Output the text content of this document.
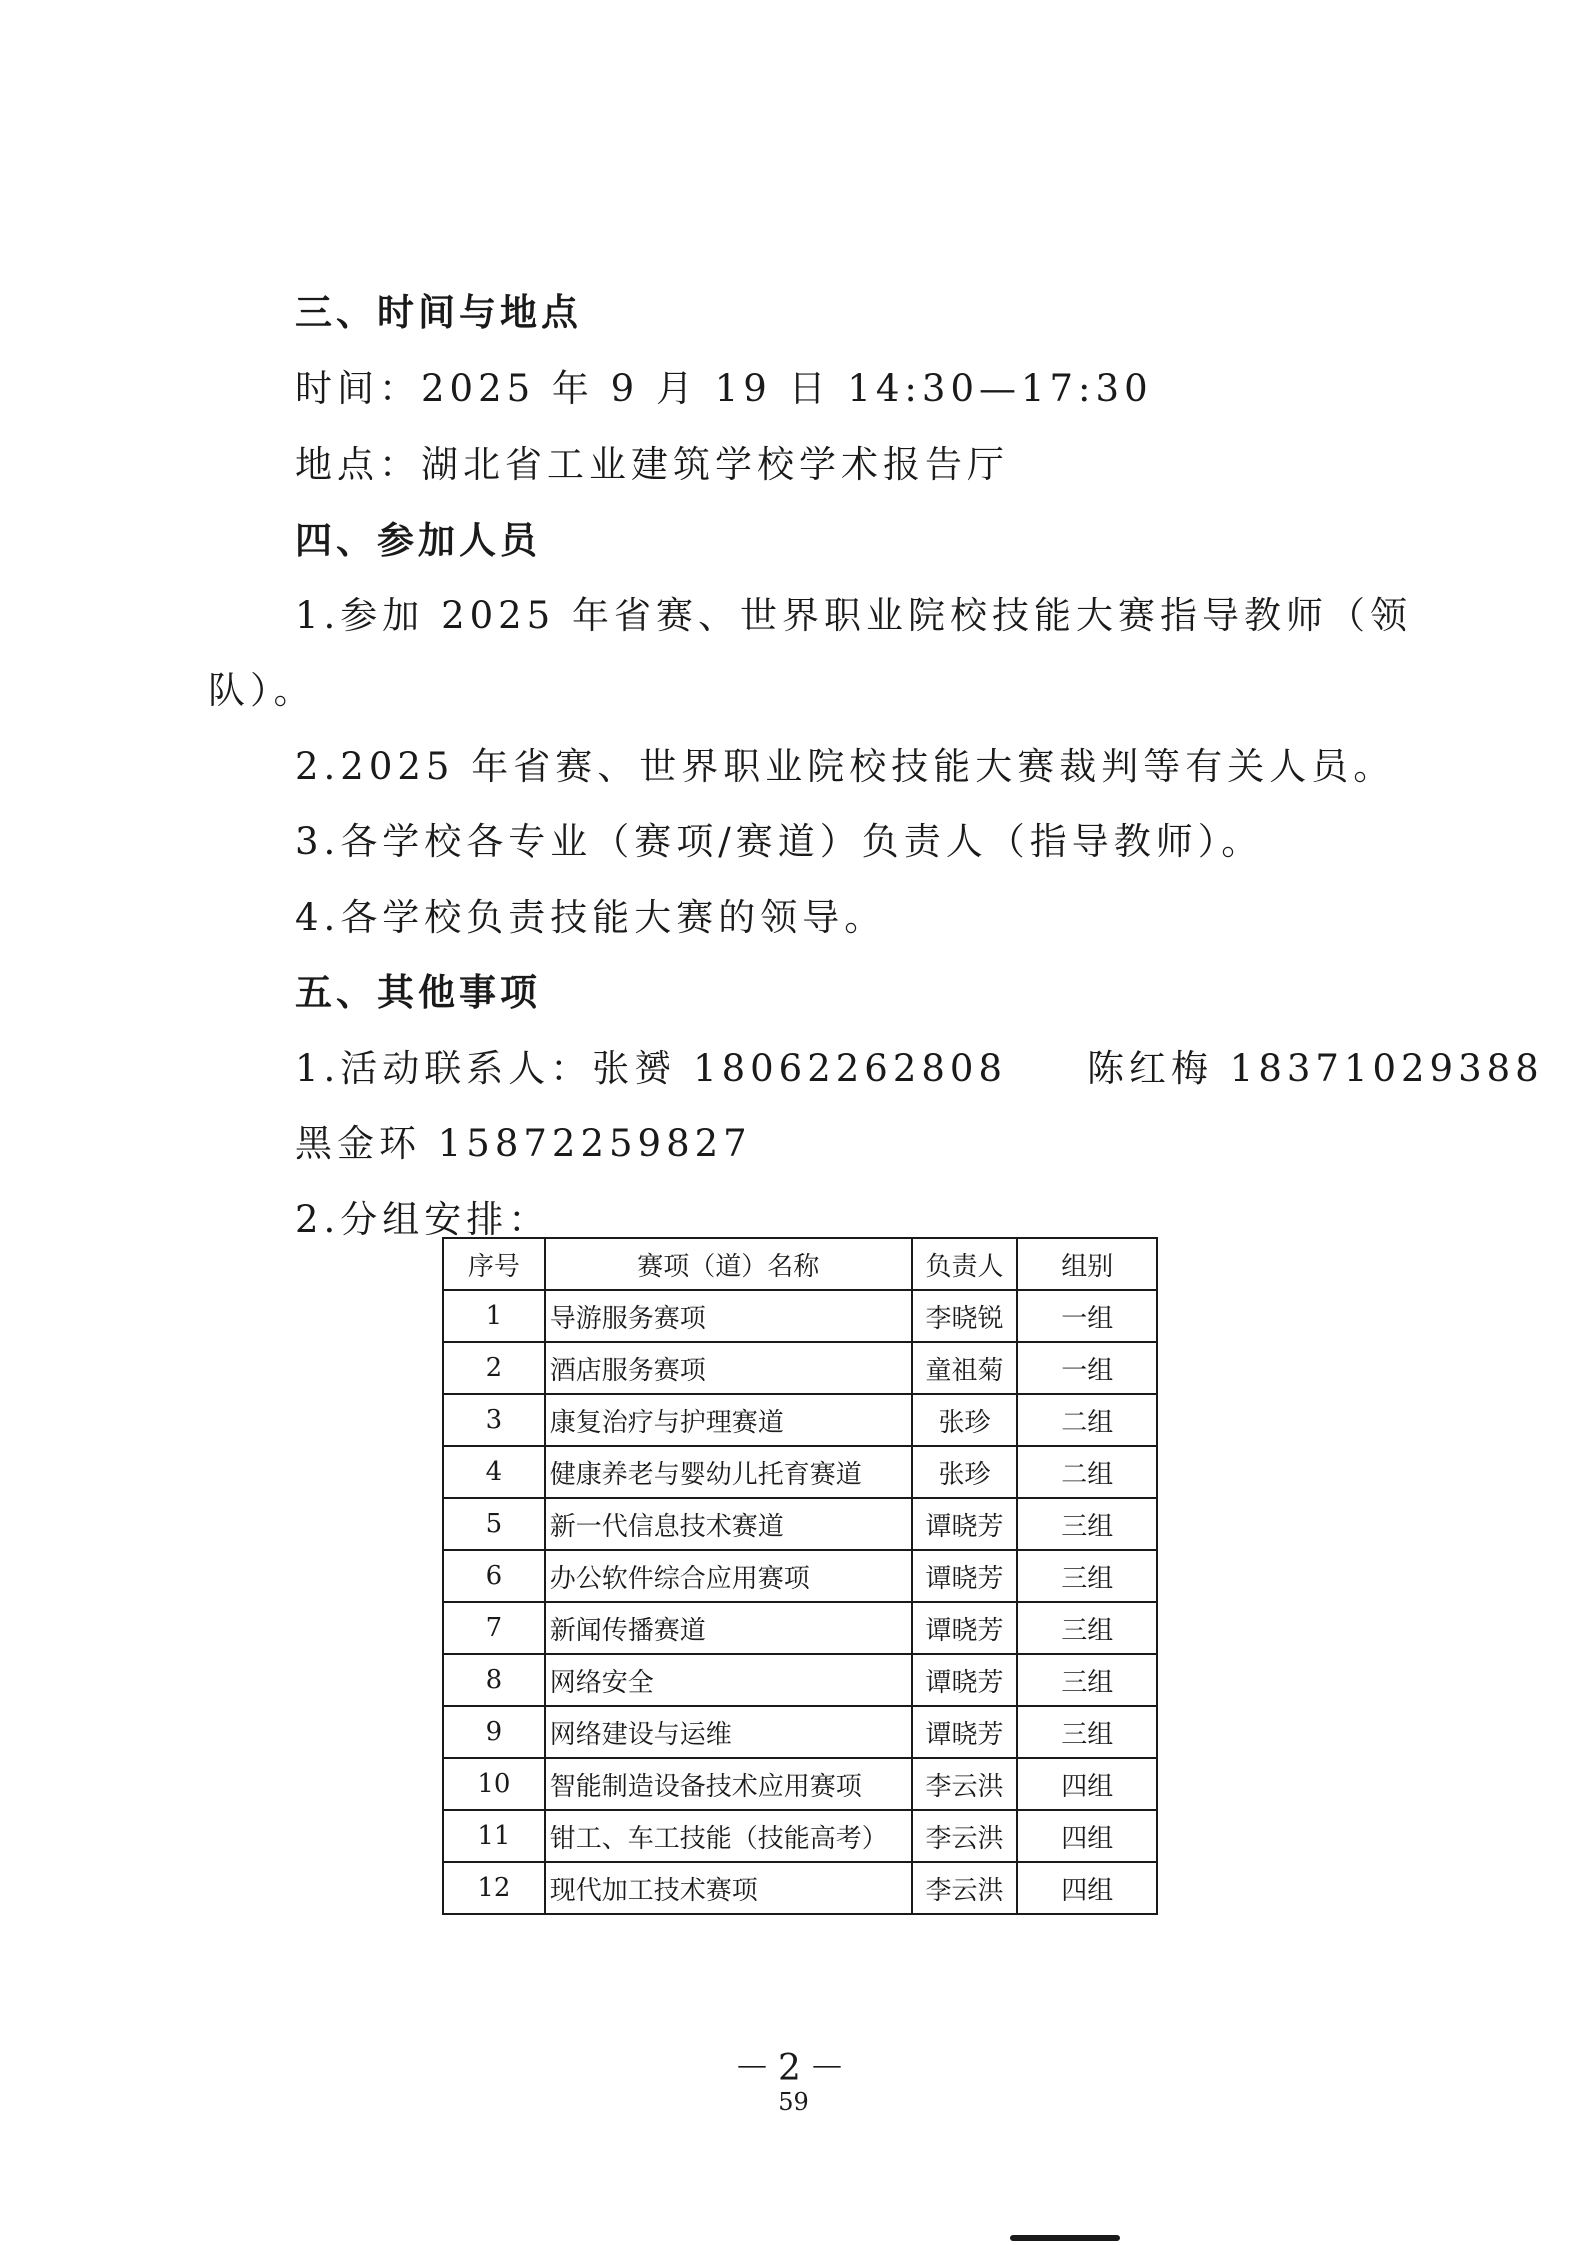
三、时间与地点
时间：2025 年 9 月 19 日 14:30—17:30
地点：湖北省工业建筑学校学术报告厅
四、参加人员
1.参加 2025 年省赛、世界职业院校技能大赛指导教师（领
队）。
2.2025 年省赛、世界职业院校技能大赛裁判等有关人员。
3.各学校各专业（赛项/赛道）负责人（指导教师）。
4.各学校负责技能大赛的领导。
五、其他事项
1.活动联系人：张赟 18062262808 陈红梅 18371029388
黑金环 15872259827
2.分组安排：
序号	赛项（道）名称	负责人	组别
1	导游服务赛项	李晓锐	一组
2	酒店服务赛项	童祖菊	一组
3	康复治疗与护理赛道	张珍	二组
4	健康养老与婴幼儿托育赛道	张珍	二组
5	新一代信息技术赛道	谭晓芳	三组
6	办公软件综合应用赛项	谭晓芳	三组
7	新闻传播赛道	谭晓芳	三组
8	网络安全	谭晓芳	三组
9	网络建设与运维	谭晓芳	三组
10	智能制造设备技术应用赛项	李云洪	四组
11	钳工、车工技能（技能高考）	李云洪	四组
12	现代加工技术赛项	李云洪	四组
－2－
59
